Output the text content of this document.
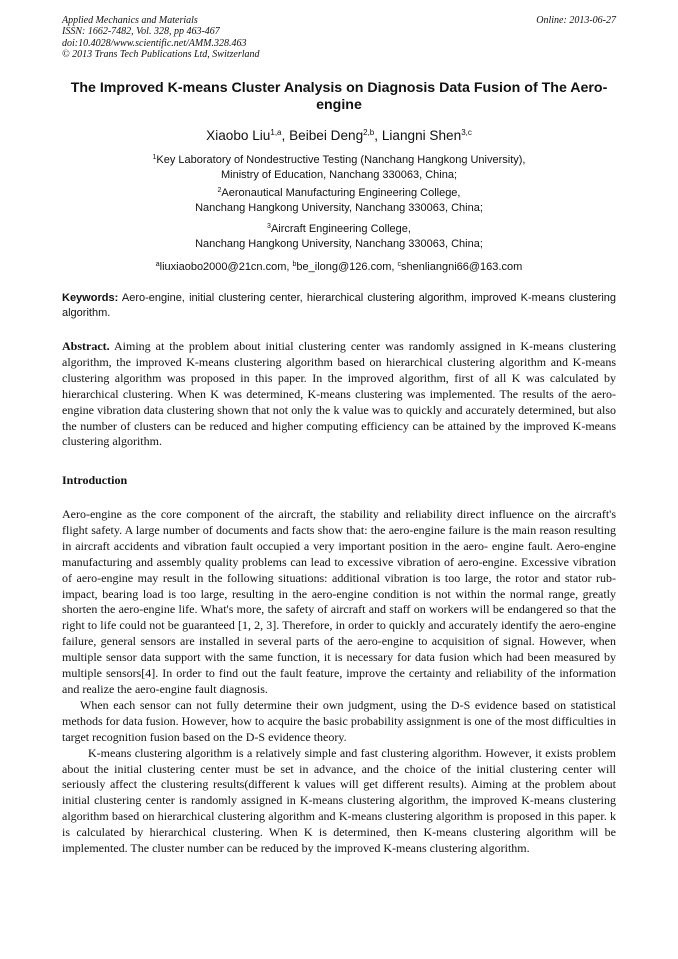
Applied Mechanics and Materials
ISSN: 1662-7482, Vol. 328, pp 463-467
doi:10.4028/www.scientific.net/AMM.328.463
© 2013 Trans Tech Publications Ltd, Switzerland
Online: 2013-06-27
The Improved K-means Cluster Analysis on Diagnosis Data Fusion of The Aero-engine
Xiaobo Liu$^{1,a}$, Beibei Deng$^{2,b}$, Liangni Shen$^{3,c}$
$^1$Key Laboratory of Nondestructive Testing (Nanchang Hangkong University),
Ministry of Education, Nanchang 330063, China;
$^2$Aeronautical Manufacturing Engineering College,
Nanchang Hangkong University, Nanchang 330063, China;
$^3$Aircraft Engineering College,
Nanchang Hangkong University, Nanchang 330063, China;
$^a$liuxiaobo2000@21cn.com, $^b$be_ilong@126.com, $^c$shenliangni66@163.com
Keywords: Aero-engine, initial clustering center, hierarchical clustering algorithm, improved K-means clustering algorithm.
Abstract. Aiming at the problem about initial clustering center was randomly assigned in K-means clustering algorithm, the improved K-means clustering algorithm based on hierarchical clustering algorithm and K-means clustering algorithm was proposed in this paper. In the improved algorithm, first of all K was calculated by hierarchical clustering. When K was determined, K-means clustering was implemented. The results of the aero-engine vibration data clustering shown that not only the k value was to quickly and accurately determined, but also the number of clusters can be reduced and higher computing efficiency can be attained by the improved K-means clustering algorithm.
Introduction

Aero-engine as the core component of the aircraft, the stability and reliability direct influence on the aircraft's flight safety. A large number of documents and facts show that: the aero-engine failure is the main reason resulting in aircraft accidents and vibration fault occupied a very important position in the aero- engine fault. Aero-engine manufacturing and assembly quality problems can lead to excessive vibration of aero-engine. Excessive vibration of aero-engine may result in the following situations: additional vibration is too large, the rotor and stator rub-impact, bearing load is too large, resulting in the aero-engine condition is not within the normal range, greatly shorten the aero-engine life. What's more, the safety of aircraft and staff on workers will be endangered so that the right to life could not be guaranteed [1, 2, 3]. Therefore, in order to quickly and accurately identify the aero-engine failure, general sensors are installed in several parts of the aero-engine to acquisition of signal. However, when multiple sensor data support with the same function, it is necessary for data fusion which had been measured by multiple sensors[4]. In order to find out the fault feature, improve the certainty and reliability of the information and realize the aero-engine fault diagnosis.

When each sensor can not fully determine their own judgment, using the D-S evidence based on statistical methods for data fusion. However, how to acquire the basic probability assignment is one of the most difficulties in target recognition fusion based on the D-S evidence theory.

K-means clustering algorithm is a relatively simple and fast clustering algorithm. However, it exists problem about the initial clustering center must be set in advance, and the choice of the initial clustering center will seriously affect the clustering results(different k values will get different results). Aiming at the problem about initial clustering center is randomly assigned in K-means clustering algorithm, the improved K-means clustering algorithm based on hierarchical clustering algorithm and K-means clustering algorithm is proposed in this paper. k is calculated by hierarchical clustering. When K is determined, then K-means clustering algorithm will be implemented. The cluster number can be reduced by the improved K-means clustering algorithm.
